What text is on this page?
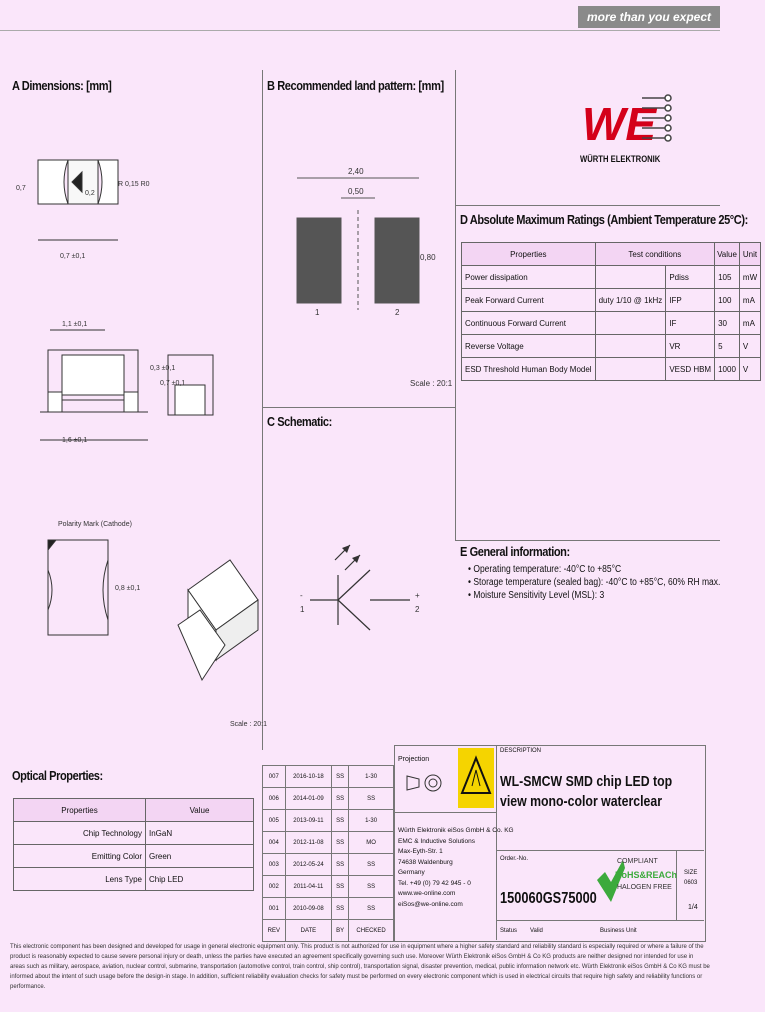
more than you expect
A Dimensions: [mm]	B Recommended land pattern: [mm]
C Schematic:
D Absolute Maximum Ratings (Ambient Temperature 25°C):
E General information:
Optical Properties:
WE
WÜRTH ELEKTRONIK
0,7
0,2
R 0,15 R0
0,7 ±0,1
1,1 ±0,1
0,3 ±0,1
1,6 ±0,1
0,7 ±0,1
0,8 ±0,1
Polarity Mark (Cathode)
Scale : 20:1
2,40
0,50
0,80
1	2
Scale : 20:1
-
1
+
2
Properties	Test conditions		Value	Unit
Power dissipation		Pdiss	105	mW
Peak Forward Current	duty 1/10 @ 1kHz	IFP	100	mA
Continuous Forward Current		IF	30	mA
Reverse Voltage		VR	5	V
ESD Threshold Human Body Model		VESD HBM	1000	V
• Operating temperature: -40°C to +85°C
• Storage temperature (sealed bag): -40°C to +85°C, 60% RH max.
• Moisture Sensitivity Level (MSL): 3
Properties	Value
Chip Technology	InGaN
Emitting Color	Green
Lens Type	Chip LED
007	2016-10-18	SS	1-30
006	2014-01-09	SS	SS
005	2013-09-11	SS	1-30
004	2012-11-08	SS	MO
003	2012-05-24	SS	SS
002	2011-04-11	SS	SS
001	2010-09-08	SS	SS
REV	DATE	BY	CHECKED
Projection
Würth Elektronik eiSos GmbH & Co. KG
EMC & Inductive Solutions
Max-Eyth-Str. 1
74638 Waldenburg
Germany
Tel. +49 (0) 79 42 945 - 0
www.we-online.com
eiSos@we-online.com
DESCRIPTION
WL-SMCW SMD chip LED top view mono-color waterclear
Order.-No.
150060GS75000
COMPLIANT
RoHS&REACh
HALOGEN FREE
SIZE
0603
1/4
Status Valid	Business Unit
This electronic component has been designed and developed for usage in general electronic equipment only. This product is not authorized for use in equipment where a higher safety standard and reliability standard is especially required or where a failure of the product is reasonably expected to cause severe personal injury or death, unless the parties have executed an agreement specifically governing such use. Moreover Würth Elektronik eiSos GmbH & Co KG products are neither designed nor intended for use in areas such as military, aerospace, aviation, nuclear control, submarine, transportation (automotive control, train control, ship control), transportation signal, disaster prevention, medical, public information network etc. Würth Elektronik eiSos GmbH & Co KG must be informed about the intent of such usage before the design-in stage. In addition, sufficient reliability evaluation checks for safety must be performed on every electronic component which is used in electrical circuits that require high safety and reliability functions or performance.
